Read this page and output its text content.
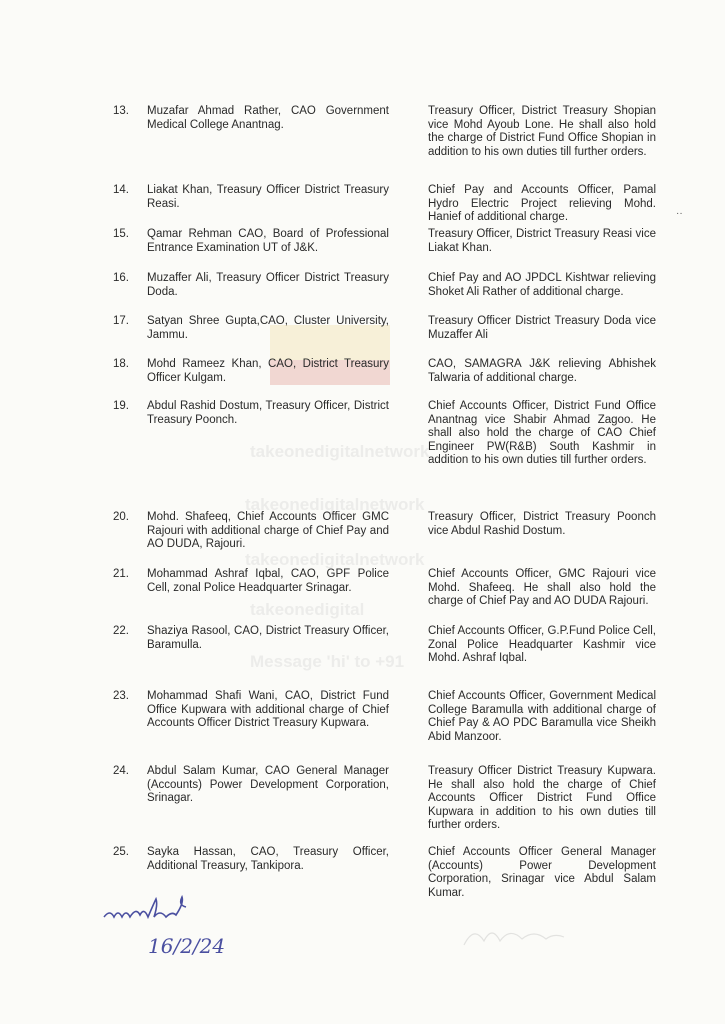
takeonedigitalnetwork
takeonedigitalnetwork
takeonedigitalnetwork
takeonedigital
Message 'hi' to +91
13. Muzafar Ahmad Rather, CAO Government Medical College Anantnag.
Treasury Officer, District Treasury Shopian vice Mohd Ayoub Lone. He shall also hold the charge of District Fund Office Shopian in addition to his own duties till further orders.
14. Liakat Khan, Treasury Officer District Treasury Reasi.
Chief Pay and Accounts Officer, Pamal Hydro Electric Project relieving Mohd. Hanief of additional charge.
15. Qamar Rehman CAO, Board of Professional Entrance Examination UT of J&K.
Treasury Officer, District Treasury Reasi vice Liakat Khan.
16. Muzaffer Ali, Treasury Officer District Treasury Doda.
Chief Pay and AO JPDCL Kishtwar relieving Shoket Ali Rather of additional charge.
17. Satyan Shree Gupta,CAO, Cluster University, Jammu.
Treasury Officer District Treasury Doda vice Muzaffer Ali
18. Mohd Rameez Khan, CAO, District Treasury Officer Kulgam.
CAO, SAMAGRA J&K relieving Abhishek Talwaria of additional charge.
19. Abdul Rashid Dostum, Treasury Officer, District Treasury Poonch.
Chief Accounts Officer, District Fund Office Anantnag vice Shabir Ahmad Zagoo. He shall also hold the charge of CAO Chief Engineer PW(R&B) South Kashmir in addition to his own duties till further orders.
20. Mohd. Shafeeq, Chief Accounts Officer GMC Rajouri with additional charge of Chief Pay and AO DUDA, Rajouri.
Treasury Officer, District Treasury Poonch vice Abdul Rashid Dostum.
21. Mohammad Ashraf Iqbal, CAO, GPF Police Cell, zonal Police Headquarter Srinagar.
Chief Accounts Officer, GMC Rajouri vice Mohd. Shafeeq. He shall also hold the charge of Chief Pay and AO DUDA Rajouri.
22. Shaziya Rasool, CAO, District Treasury Officer, Baramulla.
Chief Accounts Officer, G.P.Fund Police Cell, Zonal Police Headquarter Kashmir vice Mohd. Ashraf Iqbal.
23. Mohammad Shafi Wani, CAO, District Fund Office Kupwara with additional charge of Chief Accounts Officer District Treasury Kupwara.
Chief Accounts Officer, Government Medical College Baramulla with additional charge of Chief Pay & AO PDC Baramulla vice Sheikh Abid Manzoor.
24. Abdul Salam Kumar, CAO General Manager (Accounts) Power Development Corporation, Srinagar.
Treasury Officer District Treasury Kupwara. He shall also hold the charge of Chief Accounts Officer District Fund Office Kupwara in addition to his own duties till further orders.
25. Sayka Hassan, CAO, Treasury Officer, Additional Treasury, Tankipora.
Chief Accounts Officer General Manager (Accounts) Power Development Corporation, Srinagar vice Abdul Salam Kumar.
··
16/2/24
